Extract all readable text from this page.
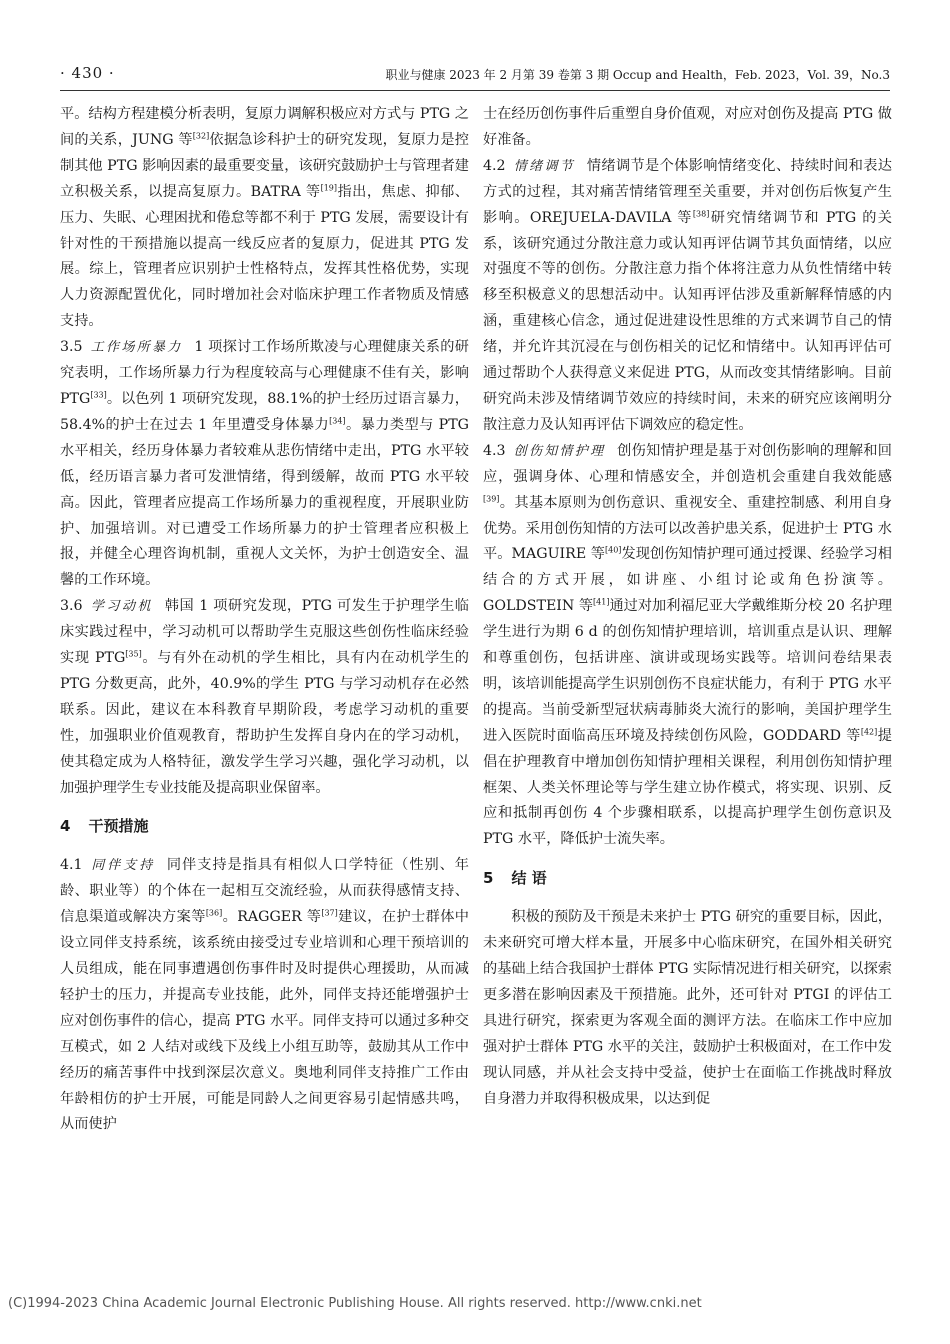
· 430 ·	职业与健康 2023 年 2 月第 39 卷第 3 期 Occup and Health，Feb. 2023，Vol. 39，No.3

平。结构方程建模分析表明，复原力调解积极应对方式与 PTG 之间的关系，JUNG 等[32]依据急诊科护士的研究发现，复原力是控制其他 PTG 影响因素的最重要变量，该研究鼓励护士与管理者建立积极关系，以提高复原力。BATRA 等[19]指出，焦虑、抑郁、压力、失眠、心理困扰和倦怠等都不利于 PTG 发展，需要设计有针对性的干预措施以提高一线反应者的复原力，促进其 PTG 发展。综上，管理者应识别护士性格特点，发挥其性格优势，实现人力资源配置优化，同时增加社会对临床护理工作者物质及情感支持。

3.5 工作场所暴力 1 项探讨工作场所欺凌与心理健康关系的研究表明，工作场所暴力行为程度较高与心理健康不佳有关，影响 PTG[33]。以色列 1 项研究发现，88.1%的护士经历过语言暴力，58.4%的护士在过去 1 年里遭受身体暴力[34]。暴力类型与 PTG 水平相关，经历身体暴力者较难从悲伤情绪中走出，PTG 水平较低，经历语言暴力者可发泄情绪，得到缓解，故而 PTG 水平较高。因此，管理者应提高工作场所暴力的重视程度，开展职业防护、加强培训。对已遭受工作场所暴力的护士管理者应积极上报，并健全心理咨询机制，重视人文关怀，为护士创造安全、温馨的工作环境。

3.6 学习动机 韩国 1 项研究发现，PTG 可发生于护理学生临床实践过程中，学习动机可以帮助学生克服这些创伤性临床经验实现 PTG[35]。与有外在动机的学生相比，具有内在动机学生的 PTG 分数更高，此外，40.9%的学生 PTG 与学习动机存在必然联系。因此，建议在本科教育早期阶段，考虑学习动机的重要性，加强职业价值观教育，帮助护生发挥自身内在的学习动机，使其稳定成为人格特征，激发学生学习兴趣，强化学习动机，以加强护理学生专业技能及提高职业保留率。

4 干预措施

4.1 同伴支持 同伴支持是指具有相似人口学特征（性别、年龄、职业等）的个体在一起相互交流经验，从而获得感情支持、信息渠道或解决方案等[36]。RAGGER 等[37]建议，在护士群体中设立同伴支持系统，该系统由接受过专业培训和心理干预培训的人员组成，能在同事遭遇创伤事件时及时提供心理援助，从而减轻护士的压力，并提高专业技能，此外，同伴支持还能增强护士应对创伤事件的信心，提高 PTG 水平。同伴支持可以通过多种交互模式，如 2 人结对或线下及线上小组互助等，鼓励其从工作中经历的痛苦事件中找到深层次意义。奥地利同伴支持推广工作由年龄相仿的护士开展，可能是同龄人之间更容易引起情感共鸣，从而使护

士在经历创伤事件后重塑自身价值观，对应对创伤及提高 PTG 做好准备。

4.2 情绪调节 情绪调节是个体影响情绪变化、持续时间和表达方式的过程，其对痛苦情绪管理至关重要，并对创伤后恢复产生影响。OREJUELA-DAVILA 等[38]研究情绪调节和 PTG 的关系，该研究通过分散注意力或认知再评估调节其负面情绪，以应对强度不等的创伤。分散注意力指个体将注意力从负性情绪中转移至积极意义的思想活动中。认知再评估涉及重新解释情感的内涵，重建核心信念，通过促进建设性思维的方式来调节自己的情绪，并允许其沉浸在与创伤相关的记忆和情绪中。认知再评估可通过帮助个人获得意义来促进 PTG，从而改变其情绪影响。目前研究尚未涉及情绪调节效应的持续时间，未来的研究应该阐明分散注意力及认知再评估下调效应的稳定性。

4.3 创伤知情护理 创伤知情护理是基于对创伤影响的理解和回应，强调身体、心理和情感安全，并创造机会重建自我效能感[39]。其基本原则为创伤意识、重视安全、重建控制感、利用自身优势。采用创伤知情的方法可以改善护患关系，促进护士 PTG 水平。MAGUIRE 等[40]发现创伤知情护理可通过授课、经验学习相结合的方式开展，如讲座、小组讨论或角色扮演等。GOLDSTEIN 等[41]通过对加利福尼亚大学戴维斯分校 20 名护理学生进行为期 6 d 的创伤知情护理培训，培训重点是认识、理解和尊重创伤，包括讲座、演讲或现场实践等。培训问卷结果表明，该培训能提高学生识别创伤不良症状能力，有利于 PTG 水平的提高。当前受新型冠状病毒肺炎大流行的影响，美国护理学生进入医院时面临高压环境及持续创伤风险，GODDARD 等[42]提倡在护理教育中增加创伤知情护理相关课程，利用创伤知情护理框架、人类关怀理论等与学生建立协作模式，将实现、识别、反应和抵制再创伤 4 个步骤相联系，以提高护理学生创伤意识及 PTG 水平，降低护士流失率。

5 结 语

积极的预防及干预是未来护士 PTG 研究的重要目标，因此，未来研究可增大样本量，开展多中心临床研究，在国外相关研究的基础上结合我国护士群体 PTG 实际情况进行相关研究，以探索更多潜在影响因素及干预措施。此外，还可针对 PTGI 的评估工具进行研究，探索更为客观全面的测评方法。在临床工作中应加强对护士群体 PTG 水平的关注，鼓励护士积极面对，在工作中发现认同感，并从社会支持中受益，使护士在面临工作挑战时释放自身潜力并取得积极成果，以达到促

(C)1994-2023 China Academic Journal Electronic Publishing House. All rights reserved. http://www.cnki.net
